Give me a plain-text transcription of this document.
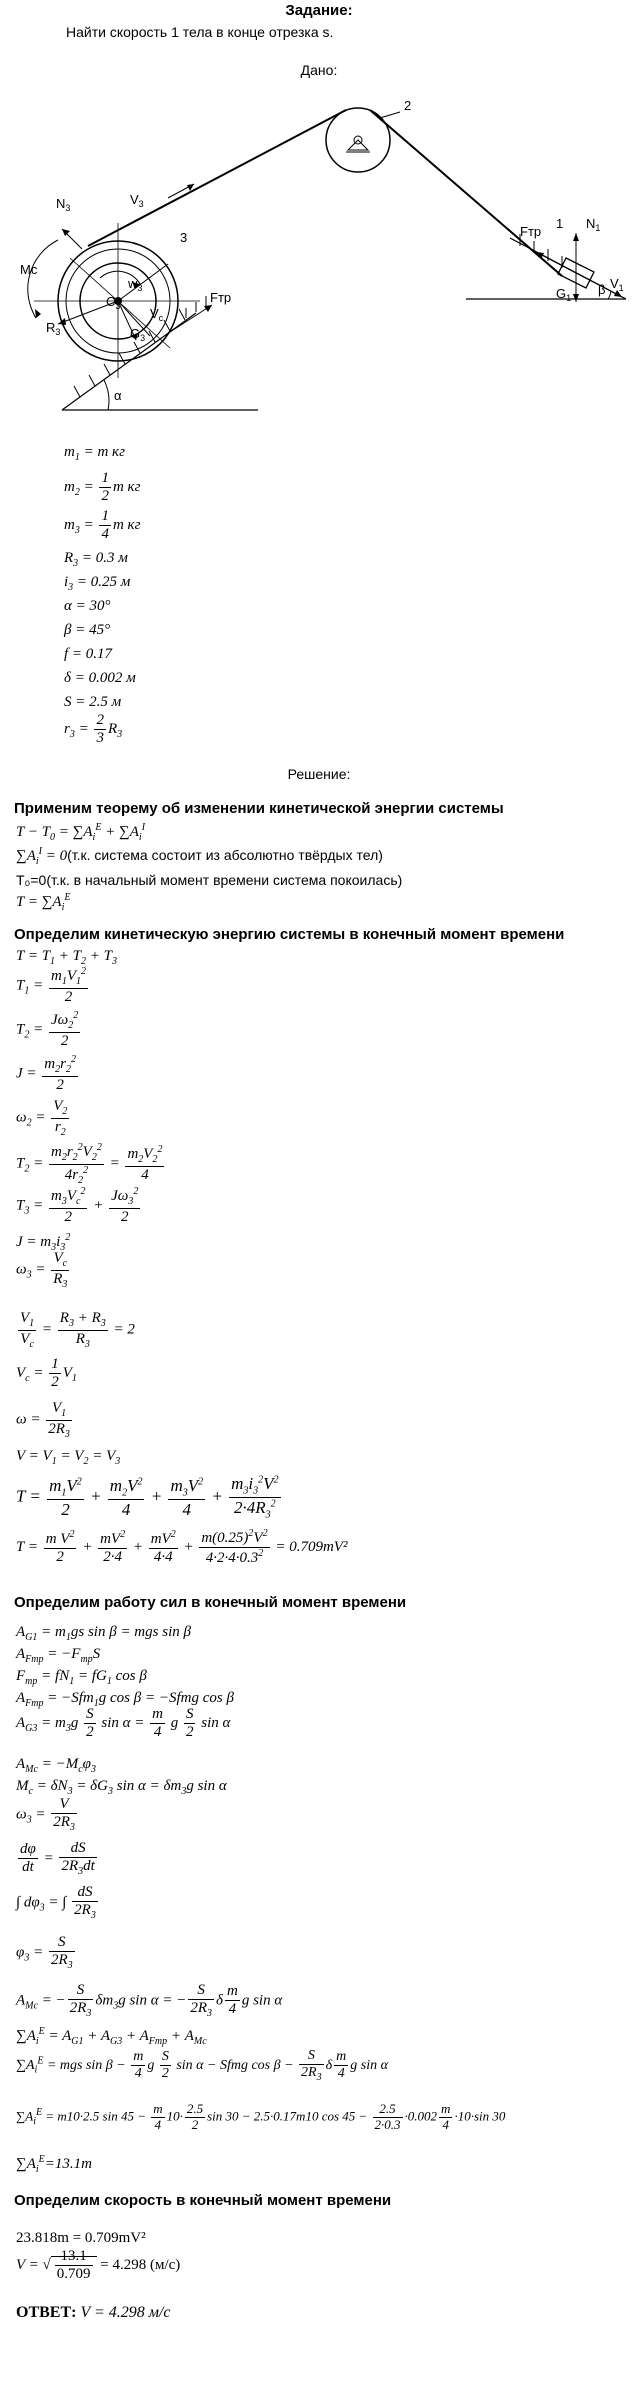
Задание:
Найти скорость 1 тела в конце отрезка s.
Дано:
$N_3$
$V_3$
3
Mc
$R_3$
$w_3$
$V_c$
$C_3$
$G_3$
Fтр
α
2
Fтр
1 $N_1$
$G_1$
$V_1$
β
$m_1 = m$ кг
$m_2 = \frac{1}{2}$ m кг
$m_3 = \frac{1}{4}$ m кг
$R_3 = 0.3$ м
$i_3 = 0.25$ м
α = 30°
β = 45°
f = 0.17
δ = 0.002 м
S = 2.5 м
$r_3 = \frac{2}{3} R_3$
Решение:
Применим теорему об изменении кинетической энергии системы
$T - T_0 = \sum A_i^E + \sum A_i^I$
$\sum A_i^I = 0(т.к$. система состоит из абсолютно твёрдых тел)
T₀=0(т.к. в начальный момент времени система покоилась)
$T = \sum A_i^E$
Определим кинетическую энергию системы в конечный момент времени
$T = T_1 + T_2 + T_3$
$T_1 = \frac{m_1V_1^2}{2}$
$T_2 = \frac{J\omega_2^2}{2}$
$J = \frac{m_2r_2^2}{2}$
$\omega_2 = \frac{V_2}{r_2}$
$T_2 = \frac{m_2r_2^2V_2^2}{4r_2^2} = \frac{m_2V_2^2}{4}$
$T_3 = \frac{m_3V_c^2}{2} + \frac{J\omega_3^2}{2}$
$J = m_3i_3^2$
$\omega_3 = \frac{V_c}{R_3}$
$\frac{V_1}{V_c} = \frac{R_3 + R_3}{R_3} = 2$
$V_c = \frac{1}{2} V_1$
$\omega = \frac{V_1}{2R_3}$
$V = V_1 = V_2 = V_3$
$T = \frac{m_1V^2}{2} + \frac{m_2V^2}{4} + \frac{m_3V^2}{4} + \frac{m_3i_3^2V^2}{2\cdot 4R_3^2}$
$T = \frac{m V^2}{2} + \frac{mV^2}{2\cdot 4} + \frac{mV^2}{4\cdot 4} + \frac{m(0.25)^2V^2}{4\cdot 2\cdot 4\cdot 0.3^2} = 0.709mV^2$
Определим работу сил в конечный момент времени
$A_{G1} = m_1gs$ sin β = mgs sin β
$A_{Fтр} = -F_{тр}S$
$F_{тр} = fN_1 = fG_1$ cos β
$A_{Fтр} = -Sfm_1g$ cos β = −Sfmg cos β
$A_{G3} = m_3g \frac{S}{2}$ $\sin \alpha = \frac{m}{4}$ g $\frac{S}{2}$ sin α
$A_{Mc} = -M_c\varphi_3$
$M_c = \delta N_3 = \delta G_3$ $\sin \alpha = \delta m_3g$ sin α
$\omega_3 = \frac{V}{2R_3}$
$\frac{d\varphi}{dt} = \frac{dS}{2R_3dt}$
∫ $d\varphi_3$ = ∫ $\frac{dS}{2R_3}$
$\varphi_3 = \frac{S}{2R_3}$
$A_{Mc}$ = − $\frac{S}{2R_3} \delta m_3g$ sin α = − $\frac{S}{2R_3}$ δ $\frac{m}{4}$ g sin α
$\sum A_i^E = A_{G1} + A_{G3} + A_{Fтр} + A_{Mc}$
$\sum A_i^E$ = mgs $\sin \beta - \frac{m}{4}$ g $\frac{S}{2}$ sin α − Sfmg $\cos \beta - \frac{S}{2R_3}$ δ $\frac{m}{4}$ g sin α
$\sum A_i^E = m10\cdot 2.5$ $\sin 45 - \frac{m}{4} 10\cdot \frac{2.5}{2}$ sin 30 − 2.5·0.17m10 $\cos 45 - \frac{2.5}{2\cdot 0.3} \cdot 0.002 \frac{m}{4} \cdot 10\cdot\sin$ 30
$\sum A_i^E=13.1m$
Определим скорость в конечный момент времени
23.818m = 0.709mV²
V = √ $\frac{13.1}{0.709} = 4.298$ (м/с)
ОТВЕТ: V = 4.298 м/с
